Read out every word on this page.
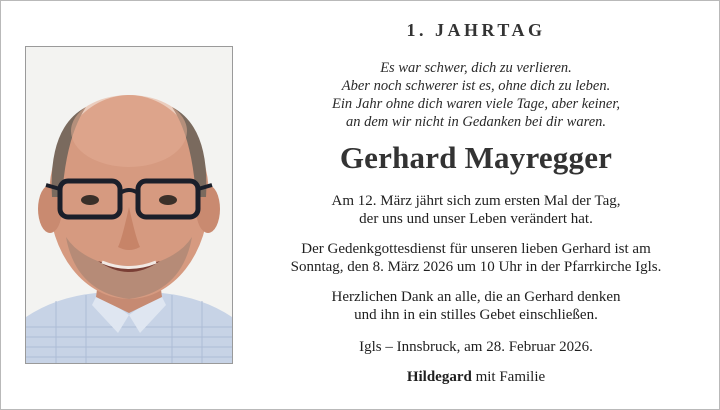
1. JAHRTAG
Es war schwer, dich zu verlieren.
Aber noch schwerer ist es, ohne dich zu leben.
Ein Jahr ohne dich waren viele Tage, aber keiner,
an dem wir nicht in Gedanken bei dir waren.
Gerhard Mayregger
Am 12. März jährt sich zum ersten Mal der Tag,
der uns und unser Leben verändert hat.
Der Gedenkgottesdienst für unseren lieben Gerhard ist am
Sonntag, den 8. März 2026 um 10 Uhr in der Pfarrkirche Igls.
Herzlichen Dank an alle, die an Gerhard denken
und ihn in ein stilles Gebet einschließen.
Igls – Innsbruck, am 28. Februar 2026.
Hildegard mit Familie
